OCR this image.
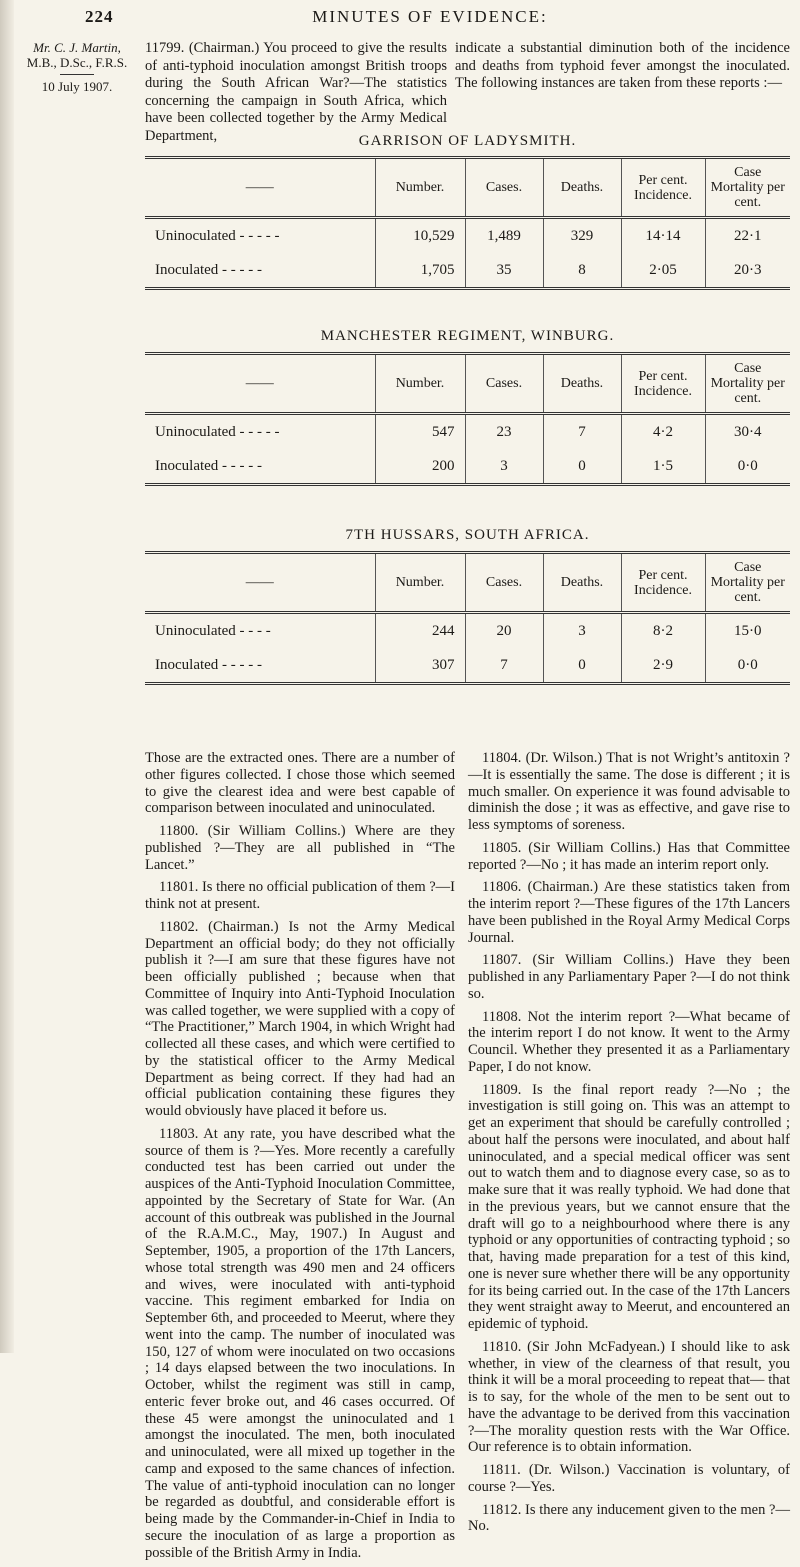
224	MINUTES OF EVIDENCE:
Mr. C. J. Martin,
M.B., D.Sc., F.R.S.
10 July 1907.
11799. (Chairman.) You proceed to give the results of anti-typhoid inoculation amongst British troops during the South African War?—The statistics concerning the campaign in South Africa, which have been collected together by the Army Medical Department,
indicate a substantial diminution both of the incidence and deaths from typhoid fever amongst the inoculated. The following instances are taken from these reports :—
GARRISON OF LADYSMITH.
——	Number.	Cases.	Deaths.	Per cent. Incidence.	Case Mortality per cent.
Uninoculated - - - - -	10,529	1,489	329	14·14	22·1
Inoculated - - - - -	1,705	35	8	2·05	20·3
MANCHESTER REGIMENT, WINBURG.
——	Number.	Cases.	Deaths.	Per cent. Incidence.	Case Mortality per cent.
Uninoculated - - - - -	547	23	7	4·2	30·4
Inoculated - - - - -	200	3	0	1·5	0·0
7TH HUSSARS, SOUTH AFRICA.
——	Number.	Cases.	Deaths.	Per cent. Incidence.	Case Mortality per cent.
Uninoculated - - - -	244	20	3	8·2	15·0
Inoculated - - - - -	307	7	0	2·9	0·0

Those are the extracted ones. There are a number of other figures collected. I chose those which seemed to give the clearest idea and were best capable of comparison between inoculated and uninoculated.

11800. (Sir William Collins.) Where are they published ?—They are all published in “The Lancet.”

11801. Is there no official publication of them ?—I think not at present.

11802. (Chairman.) Is not the Army Medical Department an official body; do they not officially publish it ?—I am sure that these figures have not been officially published ; because when that Committee of Inquiry into Anti-Typhoid Inoculation was called together, we were supplied with a copy of “The Practitioner,” March 1904, in which Wright had collected all these cases, and which were certified to by the statistical officer to the Army Medical Department as being correct. If they had had an official publication containing these figures they would obviously have placed it before us.

11803. At any rate, you have described what the source of them is ?—Yes. More recently a carefully conducted test has been carried out under the auspices of the Anti-Typhoid Inoculation Committee, appointed by the Secretary of State for War. (An account of this outbreak was published in the Journal of the R.A.M.C., May, 1907.) In August and September, 1905, a proportion of the 17th Lancers, whose total strength was 490 men and 24 officers and wives, were inoculated with anti-typhoid vaccine. This regiment embarked for India on September 6th, and proceeded to Meerut, where they went into the camp. The number of inoculated was 150, 127 of whom were inoculated on two occasions ; 14 days elapsed between the two inoculations. In October, whilst the regiment was still in camp, enteric fever broke out, and 46 cases occurred. Of these 45 were amongst the uninoculated and 1 amongst the inoculated. The men, both inoculated and uninoculated, were all mixed up together in the camp and exposed to the same chances of infection. The value of anti-typhoid inoculation can no longer be regarded as doubtful, and considerable effort is being made by the Commander-in-Chief in India to secure the inoculation of as large a proportion as possible of the British Army in India.

11804. (Dr. Wilson.) That is not Wright’s antitoxin ? —It is essentially the same. The dose is different ; it is much smaller. On experience it was found advisable to diminish the dose ; it was as effective, and gave rise to less symptoms of soreness.

11805. (Sir William Collins.) Has that Committee reported ?—No ; it has made an interim report only.

11806. (Chairman.) Are these statistics taken from the interim report ?—These figures of the 17th Lancers have been published in the Royal Army Medical Corps Journal.

11807. (Sir William Collins.) Have they been published in any Parliamentary Paper ?—I do not think so.

11808. Not the interim report ?—What became of the interim report I do not know. It went to the Army Council. Whether they presented it as a Parliamentary Paper, I do not know.

11809. Is the final report ready ?—No ; the investigation is still going on. This was an attempt to get an experiment that should be carefully controlled ; about half the persons were inoculated, and about half uninoculated, and a special medical officer was sent out to watch them and to diagnose every case, so as to make sure that it was really typhoid. We had done that in the previous years, but we cannot ensure that the draft will go to a neighbourhood where there is any typhoid or any opportunities of contracting typhoid ; so that, having made preparation for a test of this kind, one is never sure whether there will be any opportunity for its being carried out. In the case of the 17th Lancers they went straight away to Meerut, and encountered an epidemic of typhoid.

11810. (Sir John McFadyean.) I should like to ask whether, in view of the clearness of that result, you think it will be a moral proceeding to repeat that— that is to say, for the whole of the men to be sent out to have the advantage to be derived from this vaccination ?—The morality question rests with the War Office. Our reference is to obtain information.

11811. (Dr. Wilson.) Vaccination is voluntary, of course ?—Yes.

11812. Is there any inducement given to the men ?— No.
